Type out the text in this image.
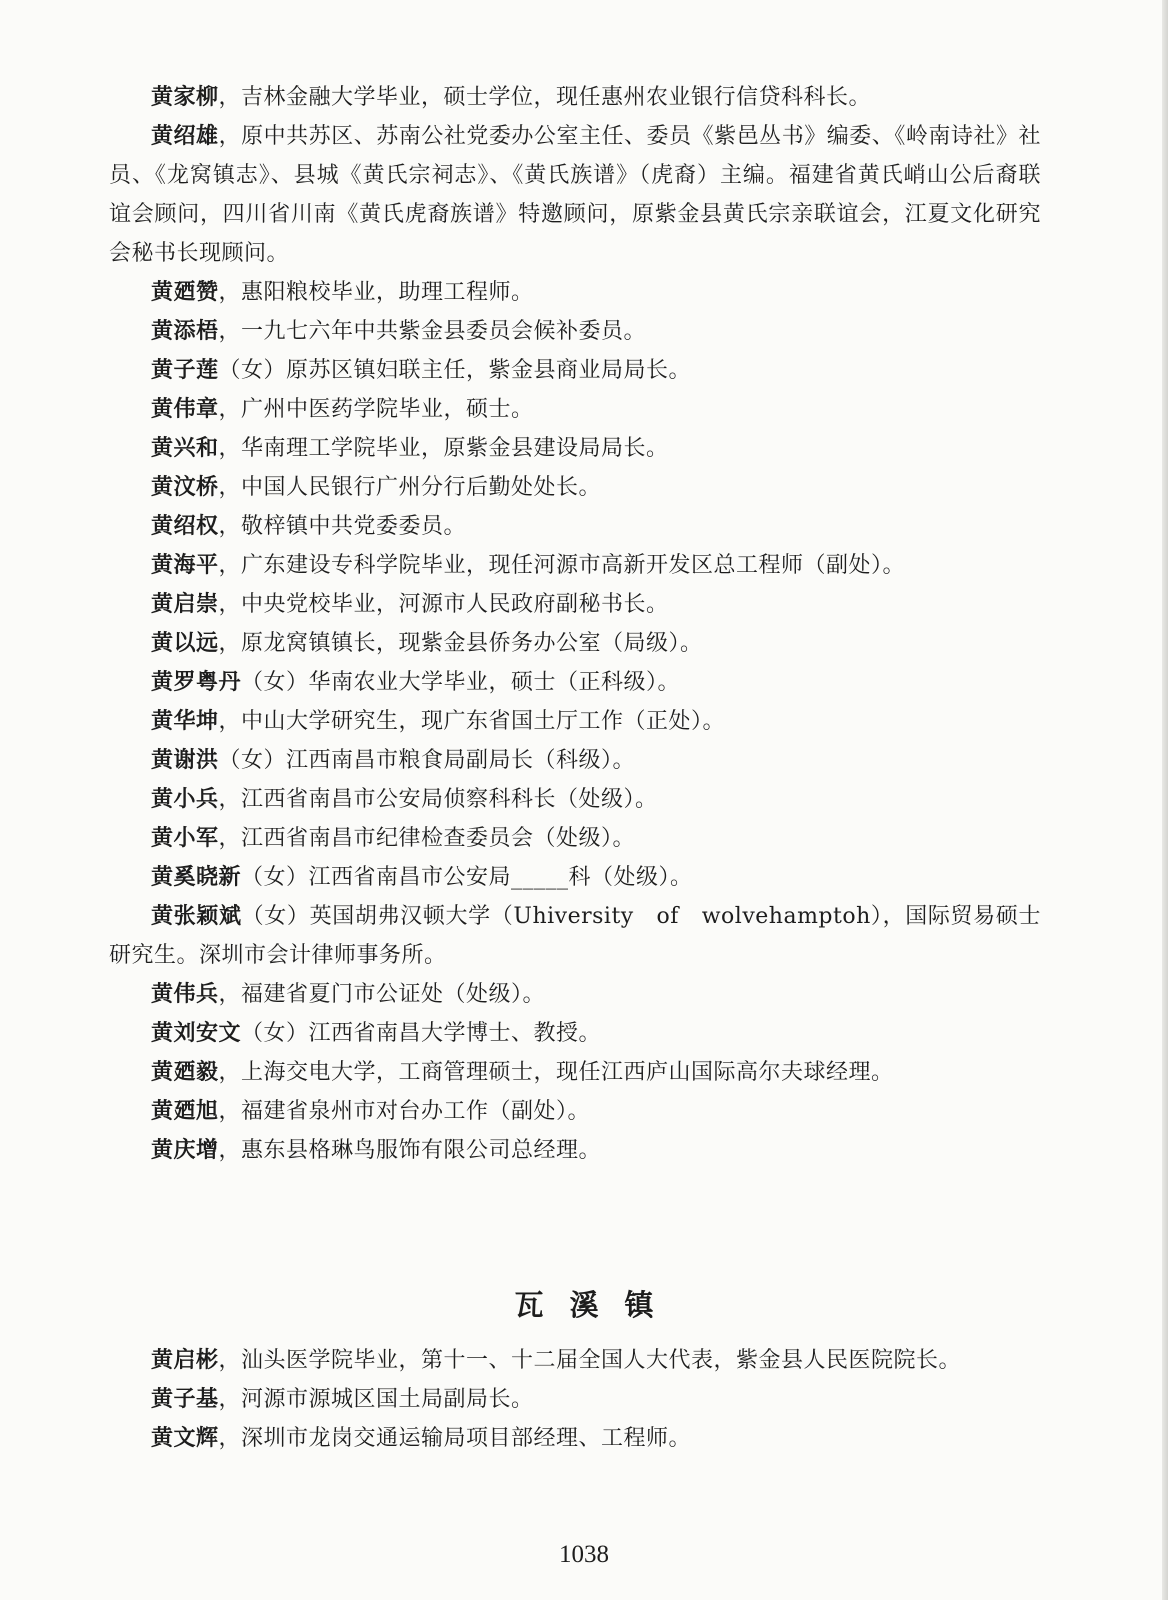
黄家柳，吉林金融大学毕业，硕士学位，现任惠州农业银行信贷科科长。

黄绍雄，原中共苏区、苏南公社党委办公室主任、委员《紫邑丛书》编委、《岭南诗社》社员、《龙窝镇志》、县城《黄氏宗祠志》、《黄氏族谱》（虎裔）主编。福建省黄氏峭山公后裔联谊会顾问，四川省川南《黄氏虎裔族谱》特邀顾问，原紫金县黄氏宗亲联谊会，江夏文化研究会秘书长现顾问。

黄廼赞，惠阳粮校毕业，助理工程师。

黄添梧，一九七六年中共紫金县委员会候补委员。

黄子莲（女）原苏区镇妇联主任，紫金县商业局局长。

黄伟章，广州中医药学院毕业，硕士。

黄兴和，华南理工学院毕业，原紫金县建设局局长。

黄汶桥，中国人民银行广州分行后勤处处长。

黄绍权，敬梓镇中共党委委员。

黄海平，广东建设专科学院毕业，现任河源市高新开发区总工程师（副处）。

黄启崇，中央党校毕业，河源市人民政府副秘书长。

黄以远，原龙窝镇镇长，现紫金县侨务办公室（局级）。

黄罗粤丹（女）华南农业大学毕业，硕士（正科级）。

黄华坤，中山大学研究生，现广东省国土厅工作（正处）。

黄谢洪（女）江西南昌市粮食局副局长（科级）。

黄小兵，江西省南昌市公安局侦察科科长（处级）。

黄小军，江西省南昌市纪律检查委员会（处级）。

黄奚晓新（女）江西省南昌市公安局_____科（处级）。

黄张颖斌（女）英国胡弗汉顿大学（Uhiversity　of　wolvehamptoh），国际贸易硕士研究生。深圳市会计律师事务所。

黄伟兵，福建省夏门市公证处（处级）。

黄刘安文（女）江西省南昌大学博士、教授。

黄廼毅，上海交电大学，工商管理硕士，现任江西庐山国际高尔夫球经理。

黄廼旭，福建省泉州市对台办工作（副处）。

黄庆增，惠东县格琳鸟服饰有限公司总经理。

瓦溪镇

黄启彬，汕头医学院毕业，第十一、十二届全国人大代表，紫金县人民医院院长。

黄子基，河源市源城区国土局副局长。

黄文辉，深圳市龙岗交通运输局项目部经理、工程师。

1038
